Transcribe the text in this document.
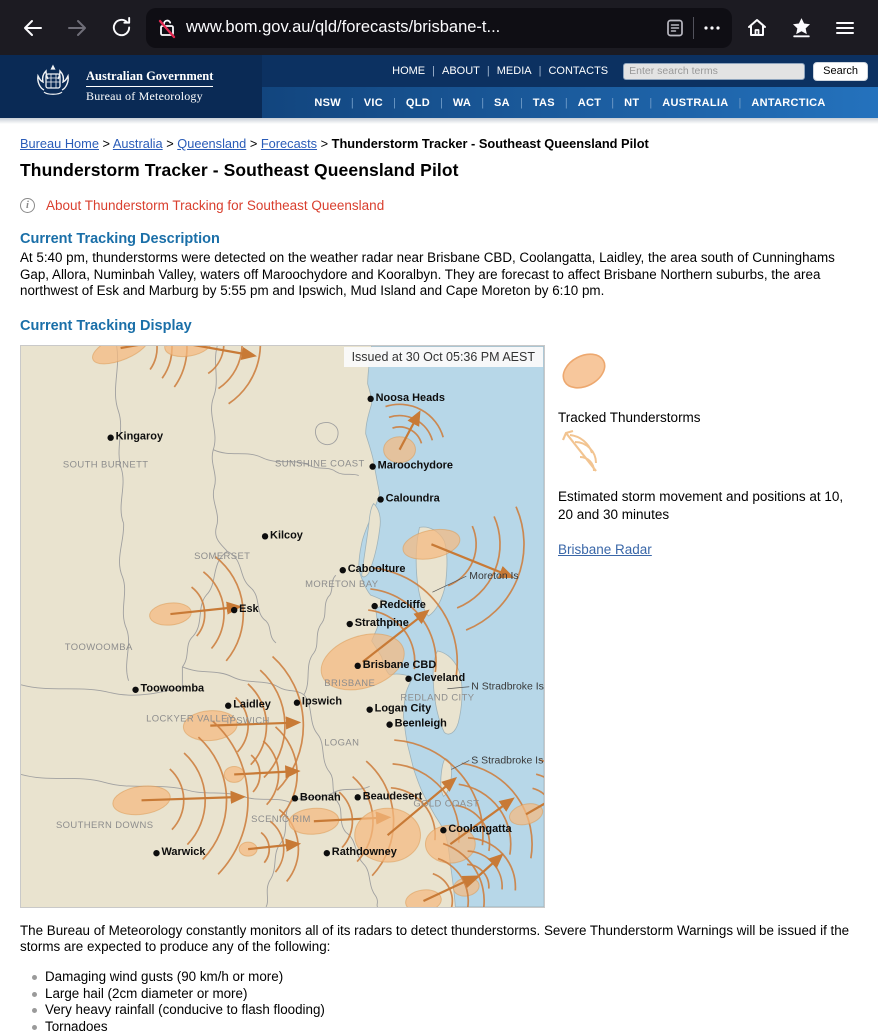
www.bom.gov.au/qld/forecasts/brisbane-t...
Australian Government
Bureau of Meteorology
HOME | ABOUT | MEDIA | CONTACTS
Enter search terms	Search
NSW | VIC | QLD | WA | SA | TAS | ACT | NT | AUSTRALIA | ANTARCTICA
Bureau Home > Australia > Queensland > Forecasts > Thunderstorm Tracker - Southeast Queensland Pilot
Thunderstorm Tracker - Southeast Queensland Pilot
i	About Thunderstorm Tracking for Southeast Queensland
Current Tracking Description

At 5:40 pm, thunderstorms were detected on the weather radar near Brisbane CBD, Coolangatta, Laidley, the area south of Cunninghams Gap, Allora, Numinbah Valley, waters off Maroochydore and Kooralbyn. They are forecast to affect Brisbane Northern suburbs, the area northwest of Esk and Marburg by 5:55 pm and Ipswich, Mud Island and Cape Moreton by 6:10 pm.

Current Tracking Display
SOUTH BURNETT	SUNSHINE COAST
SOMERSET
MORETON BAY
TOOWOOMBA
BRISBANE
LOCKYER VALLEY
IPSWICH
REDLAND CITY
LOGAN
SOUTHERN DOWNS
SCENIC RIM
GOLD COAST
Moreton Is
N Stradbroke Is
S Stradbroke Is
Noosa Heads
Kingaroy
Maroochydore
Caloundra
Kilcoy
Caboolture
Redcliffe
Strathpine
Esk
Brisbane CBD
Cleveland
Toowoomba
Laidley	Ipswich
Logan City
Beenleigh
Boonah Beaudesert
Coolangatta
Warwick	Rathdowney
Issued at 30 Oct 05:36 PM AEST
Tracked Thunderstorms
Estimated storm movement and positions at 10, 20 and 30 minutes
Brisbane Radar

The Bureau of Meteorology constantly monitors all of its radars to detect thunderstorms. Severe Thunderstorm Warnings will be issued if the storms are expected to produce any of the following:

Damaging wind gusts (90 km/h or more)
Large hail (2cm diameter or more)
Very heavy rainfall (conducive to flash flooding)
Tornadoes
